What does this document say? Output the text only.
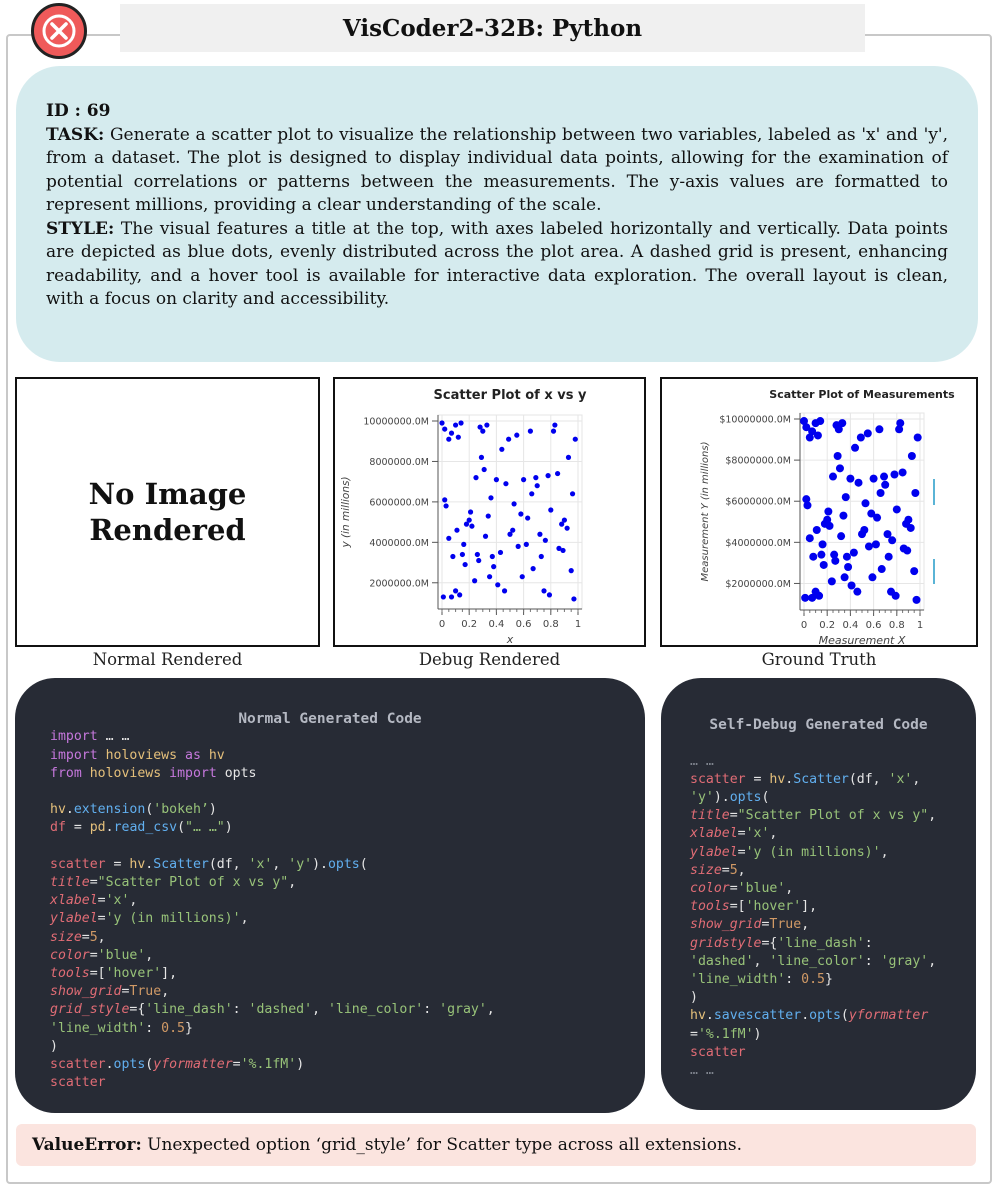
VisCoder2-32B: Python
ID : 69
TASK: Generate a scatter plot to visualize the relationship between two variables, labeled as 'x' and 'y', from a dataset. The plot is designed to display individual data points, allowing for the examination of potential correlations or patterns between the measurements. The y-axis values are formatted to represent millions, providing a clear understanding of the scale.
STYLE: The visual features a title at the top, with axes labeled horizontally and vertically. Data points are depicted as blue dots, evenly distributed across the plot area. A dashed grid is present, enhancing readability, and a hover tool is available for interactive data exploration. The overall layout is clean, with a focus on clarity and accessibility.
No Image
Rendered
Normal Rendered
Scatter Plot of x vs y
0 0.2 0.4 0.6 0.8 1
2000000.0M
4000000.0M
6000000.0M
8000000.0M
10000000.0M
x
y (in millions)
Debug Rendered
Scatter Plot of Measurements
0 0.2 0.4 0.6 0.8 1
$2000000.0M
$4000000.0M
$6000000.0M
$8000000.0M
$10000000.0M
Measurement X
Measurement Y (in millions)
Ground Truth

Normal Generated Code
import … …
import holoviews as hv
from holoviews import opts

hv.extension('bokeh’)
df = pd.read_csv("… …")

scatter = hv.Scatter(df, 'x', 'y').opts(
title="Scatter Plot of x vs y",
xlabel='x',
ylabel='y (in millions)',
size=5,
color='blue',
tools=['hover'],
show_grid=True,
grid_style={'line_dash': 'dashed', 'line_color': 'gray',
'line_width': 0.5}
)
scatter.opts(yformatter='%.1fM')
scatter

Self-Debug Generated Code

… …
scatter = hv.Scatter(df, 'x',
'y').opts(
title="Scatter Plot of x vs y",
xlabel='x',
ylabel='y (in millions)',
size=5,
color='blue',
tools=['hover'],
show_grid=True,
gridstyle={'line_dash':
'dashed', 'line_color': 'gray',
'line_width': 0.5}
)
hv.savescatter.opts(yformatter
='%.1fM')
scatter
… …
ValueError:
Unexpected option ‘grid_style’ for Scatter type across all extensions.
